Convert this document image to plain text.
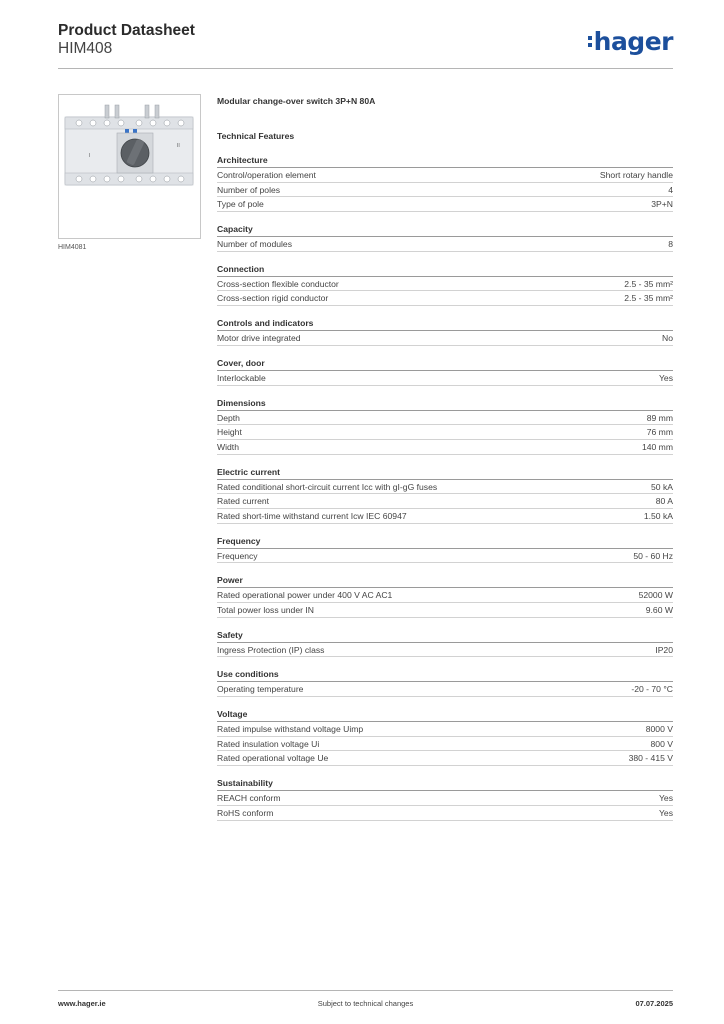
Product Datasheet
HIM408	hager
I
II
HIM4081
Modular change-over switch 3P+N 80A
Technical Features
Architecture
Control/operation element	Short rotary handle
Number of poles	4
Type of pole	3P+N
Capacity
Number of modules	8
Connection
Cross-section flexible conductor	2.5 - 35 mm²
Cross-section rigid conductor	2.5 - 35 mm²
Controls and indicators
Motor drive integrated	No
Cover, door
Interlockable	Yes
Dimensions
Depth	89 mm
Height	76 mm
Width	140 mm
Electric current
Rated conditional short-circuit current Icc with gI-gG fuses	50 kA
Rated current	80 A
Rated short-time withstand current Icw IEC 60947	1.50 kA
Frequency
Frequency	50 - 60 Hz
Power
Rated operational power under 400 V AC AC1	52000 W
Total power loss under IN	9.60 W
Safety
Ingress Protection (IP) class	IP20
Use conditions
Operating temperature	-20 - 70 °C
Voltage
Rated impulse withstand voltage Uimp	8000 V
Rated insulation voltage Ui	800 V
Rated operational voltage Ue	380 - 415 V
Sustainability
REACH conform	Yes
RoHS conform	Yes
www.hager.ie	Subject to technical changes	07.07.2025
